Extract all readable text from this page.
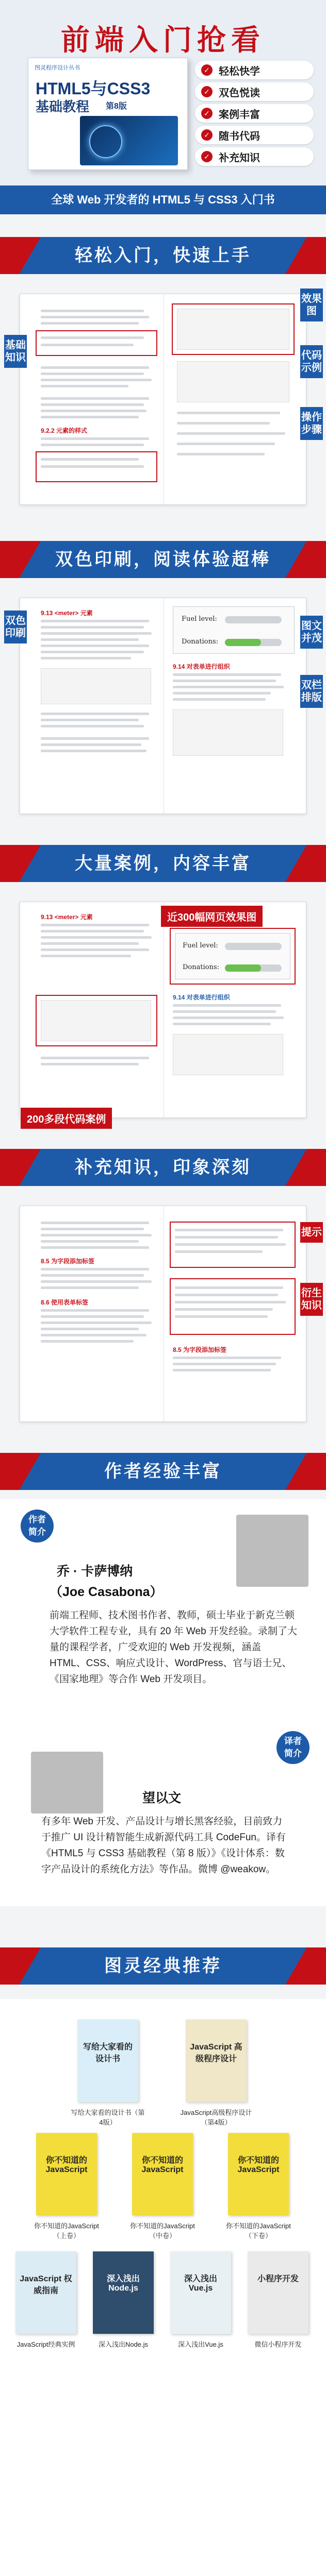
前端入门抢看
图灵程序设计丛书
HTML5与CSS3
基础教程 第8版
✓ 轻松快学
✓ 双色悦读
✓ 案例丰富
✓ 随书代码
✓ 补充知识
全球 Web 开发者的 HTML5 与 CSS3 入门书
轻松入门，快速上手
9.2.2 元素的样式
基础知识
效果图
代码示例
操作步骤
双色印刷，阅读体验超棒
9.13 <meter> 元素
Fuel level:
Donations:
9.14 对表单进行组织
双色印刷
图文并茂
双栏排版
大量案例，内容丰富
9.13 <meter> 元素
Fuel level:
Donations:
9.14 对表单进行组织
近300幅网页效果图
200多段代码案例
补充知识，印象深刻
8.5 为字段添加标签
8.6 使用表单标签
8.5 为字段添加标签
提示
衍生知识
作者经验丰富
作者
简介
乔 · 卡萨博纳
（Joe Casabona）
前端工程师、技术图书作者、教师，硕士毕业于新克兰顿大学软件工程专业，具有 20 年 Web 开发经验。录制了大量的课程学者，广受欢迎的 Web 开发视频，涵盖 HTML、CSS、响应式设计、WordPress、官与语士兄、《国家地理》等合作 Web 开发项目。
译者
简介
望以文
有多年 Web 开发、产品设计与增长黑客经验，目前致力于推广 UI 设计精智能生成新源代码工具 CodeFun。译有《HTML5 与 CSS3 基础教程（第 8 版）》《设计体系：数字产品设计的系统化方法》等作品。微博 @weakow。
图灵经典推荐
写给大家看的设计书
写给大家看的设计书（第4版）
JavaScript 高级程序设计
JavaScript高级程序设计（第4版）
你不知道的 JavaScript
你不知道的JavaScript（上卷）
你不知道的 JavaScript
你不知道的JavaScript（中卷）
你不知道的 JavaScript
你不知道的JavaScript（下卷）
JavaScript 权威指南
JavaScript经典实例
深入浅出 Node.js
深入浅出Node.js
深入浅出 Vue.js
深入浅出Vue.js
小程序开发
微信小程序开发
